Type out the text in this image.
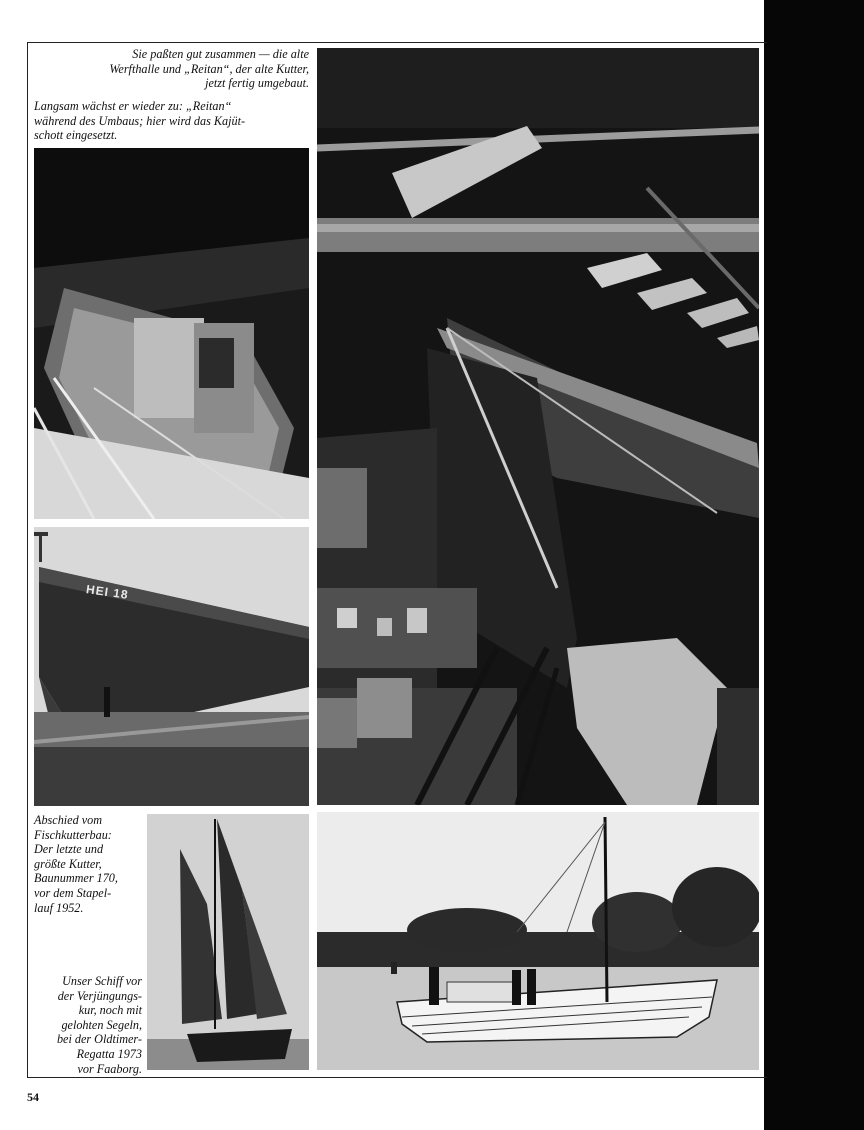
Sie paßten gut zusammen — die alte
Werfthalle und „Reitan“, der alte Kutter,
jetzt fertig umgebaut.
Langsam wächst er wieder zu: „Reitan“
während des Umbaus; hier wird das Kajüt-
schott eingesetzt.
HEI 18
Abschied vom
Fischkutterbau:
Der letzte und
größte Kutter,
Baunummer 170,
vor dem Stapel-
lauf 1952.
Unser Schiff vor
der Verjüngungs-
kur, noch mit
gelohten Segeln,
bei der Oldtimer-
Regatta 1973
vor Faaborg.
54
